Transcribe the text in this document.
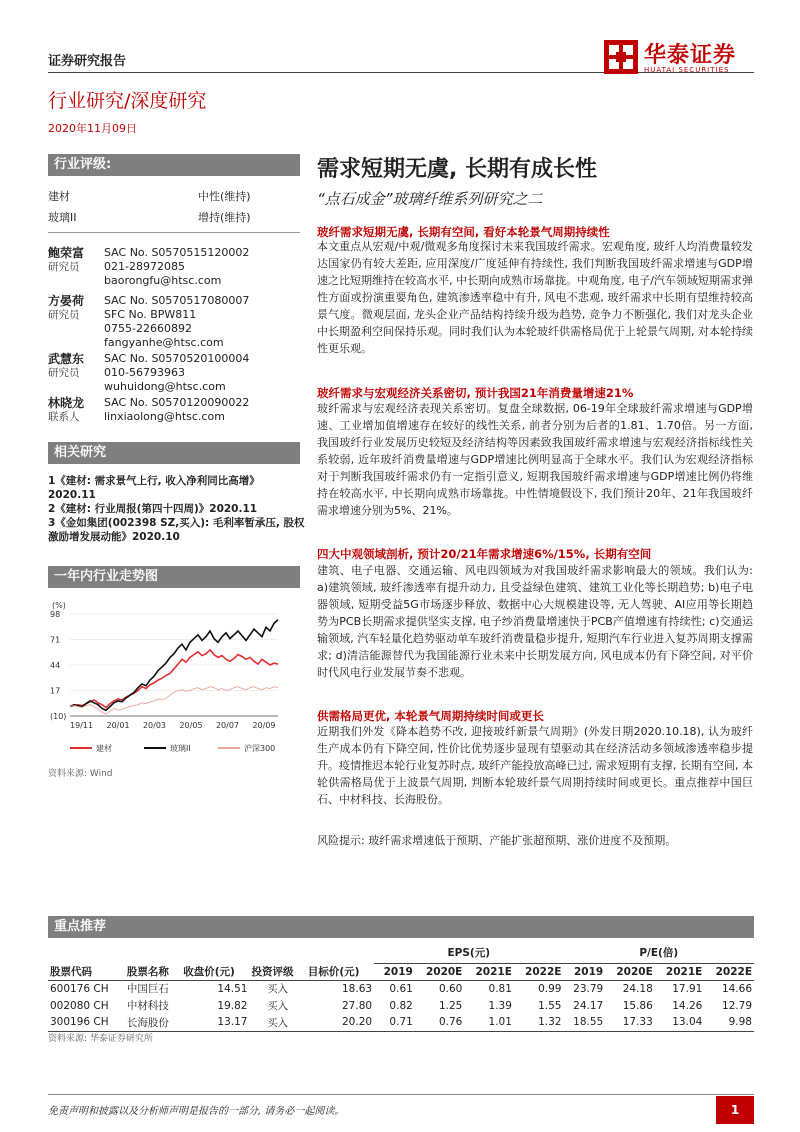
证券研究报告
行业研究/深度研究
2020年11月09日
华泰证券
HUATAI SECURITIES
行业评级:
建材	中性(维持)
玻璃II	增持(维持)
鲍荣富
研究员
SAC No. S0570515120002
021-28972085
baorongfu@htsc.com
方晏荷
研究员
SAC No. S0570517080007
SFC No. BPW811
0755-22660892
fangyanhe@htsc.com
武慧东
研究员
SAC No. S0570520100004
010-56793963
wuhuidong@htsc.com
林晓龙
联系人
SAC No. S0570120090022
linxiaolong@htsc.com
相关研究
1《建材: 需求景气上行, 收入净利同比高增》2020.11
2《建材: 行业周报(第四十四周)》2020.11
3《金如集团(002398 SZ,买入): 毛利率暂承压, 股权激励增发展动能》2020.10
一年内行业走势图
(%)
98
71
44
17
(10)
19/11 20/01 20/03 20/05 20/07 20/09
建材	玻璃II	沪深300
资料来源: Wind
需求短期无虞, 长期有成长性
“点石成金”玻璃纤维系列研究之二
玻纤需求短期无虞, 长期有空间, 看好本轮景气周期持续性
本文重点从宏观/中观/微观多角度探讨未来我国玻纤需求。宏观角度, 玻纤人均消费量较发达国家仍有较大差距, 应用深度/广度延伸有持续性, 我们判断我国玻纤需求增速与GDP增速之比短期维持在较高水平, 中长期向成熟市场靠拢。中观角度, 电子/汽车领域短期需求弹性方面或扮演重要角色, 建筑渗透率稳中有升, 风电不悲观, 玻纤需求中长期有望维持较高景气度。微观层面, 龙头企业产品结构持续升级为趋势, 竞争力不断强化, 我们对龙头企业中长期盈利空间保持乐观。同时我们认为本轮玻纤供需格局优于上轮景气周期, 对本轮持续性更乐观。
玻纤需求与宏观经济关系密切, 预计我国21年消费量增速21%
玻纤需求与宏观经济表现关系密切。复盘全球数据, 06-19年全球玻纤需求增速与GDP增速、工业增加值增速存在较好的线性关系, 前者分别为后者的1.81、1.70倍。另一方面, 我国玻纤行业发展历史较短及经济结构等因素致我国玻纤需求增速与宏观经济指标线性关系较弱, 近年玻纤消费量增速与GDP增速比例明显高于全球水平。我们认为宏观经济指标对于判断我国玻纤需求仍有一定指引意义, 短期我国玻纤需求增速与GDP增速比例仍将维持在较高水平, 中长期向成熟市场靠拢。中性情境假设下, 我们预计20年、21年我国玻纤需求增速分别为5%、21%。
四大中观领域剖析, 预计20/21年需求增速6%/15%, 长期有空间
建筑、电子电器、交通运输、风电四领域为对我国玻纤需求影响最大的领域。我们认为: a)建筑领域, 玻纤渗透率有提升动力, 且受益绿色建筑、建筑工业化等长期趋势; b)电子电器领域, 短期受益5G市场逐步释放、数据中心大规模建设等, 无人驾驶、AI应用等长期趋势为PCB长期需求提供坚实支撑, 电子纱消费量增速快于PCB产值增速有持续性; c)交通运输领域, 汽车轻量化趋势驱动单车玻纤消费量稳步提升, 短期汽车行业进入复苏周期支撑需求; d)清洁能源替代为我国能源行业未来中长期发展方向, 风电成本仍有下降空间, 对平价时代风电行业发展节奏不悲观。
供需格局更优, 本轮景气周期持续时间或更长
近期我们外发《降本趋势不改, 迎接玻纤新景气周期》(外发日期2020.10.18), 认为玻纤生产成本仍有下降空间, 性价比优势逐步显现有望驱动其在经济活动多领域渗透率稳步提升。疫情推迟本轮行业复苏时点, 玻纤产能投放高峰已过, 需求短期有支撑, 长期有空间, 本轮供需格局优于上波景气周期, 判断本轮玻纤景气周期持续时间或更长。重点推荐中国巨石、中材科技、长海股份。
风险提示: 玻纤需求增速低于预期、产能扩张超预期、涨价进度不及预期。
重点推荐
					EPS(元)				P/E(倍)			
股票代码	股票名称	收盘价(元)	投资评级	目标价(元)	2019	2020E	2021E	2022E	2019	2020E	2021E	2022E
600176 CH	中国巨石	14.51	买入	18.63	0.61	0.60	0.81	0.99	23.79	24.18	17.91	14.66
002080 CH	中材科技	19.82	买入	27.80	0.82	1.25	1.39	1.55	24.17	15.86	14.26	12.79
300196 CH	长海股份	13.17	买入	20.20	0.71	0.76	1.01	1.32	18.55	17.33	13.04	9.98
资料来源: 华泰证券研究所
免责声明和披露以及分析师声明是报告的一部分, 请务必一起阅读。	1
